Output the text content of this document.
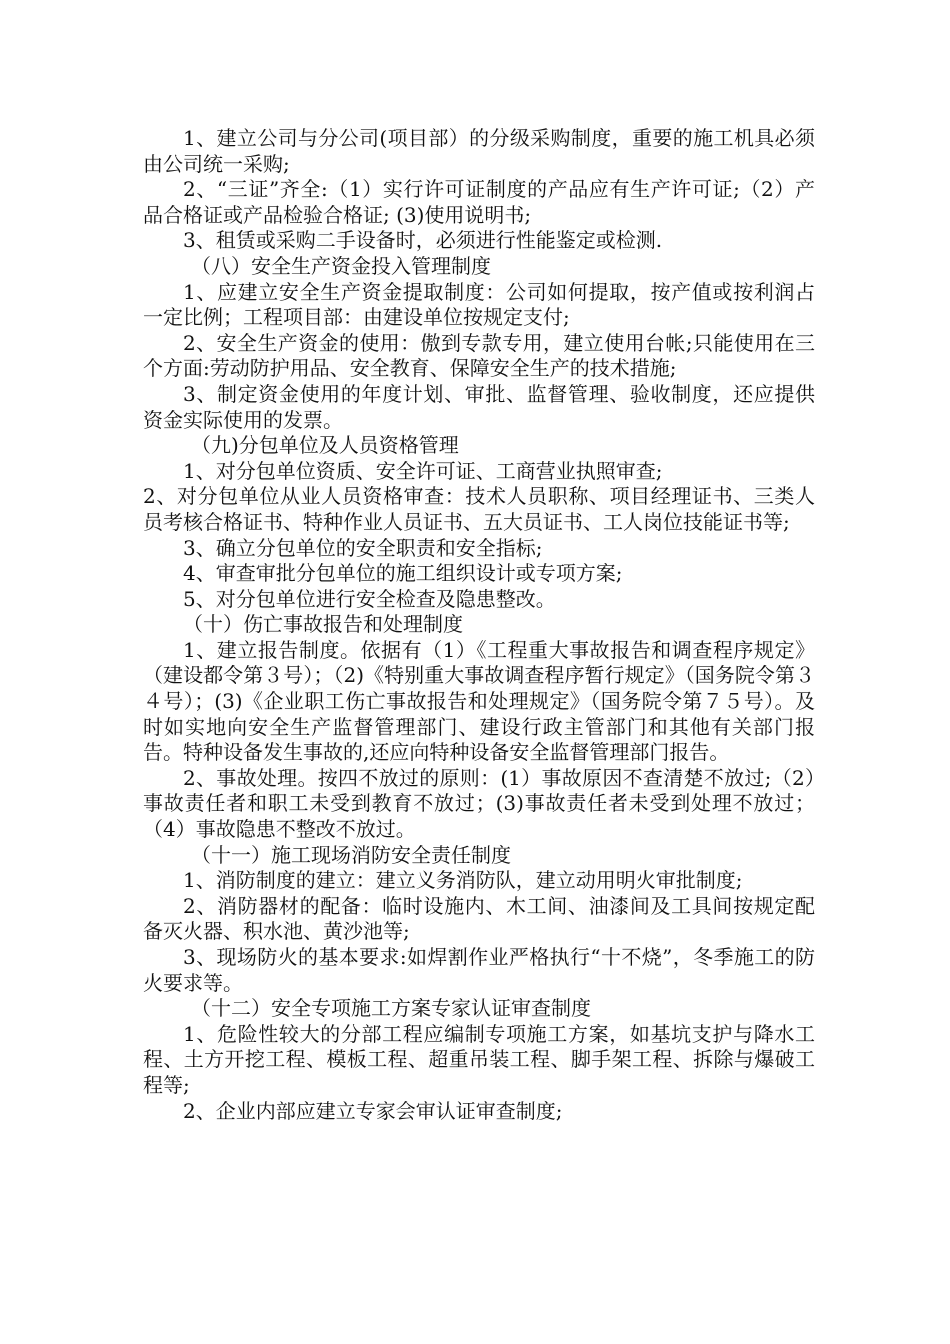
1、建立公司与分公司(项目部）的分级采购制度，重要的施工机具必须由公司统一采购;

2、“三证”齐全:（1）实行许可证制度的产品应有生产许可证;（2）产品合格证或产品检验合格证; (3)使用说明书;

3、租赁或采购二手设备时，必须进行性能鉴定或检测.

（八）安全生产资金投入管理制度

1、应建立安全生产资金提取制度：公司如何提取，按产值或按利润占一定比例；工程项目部：由建设单位按规定支付;

2、安全生产资金的使用：傲到专款专用，建立使用台帐;只能使用在三个方面:劳动防护用品、安全教育、保障安全生产的技术措施;

3、制定资金使用的年度计划、审批、监督管理、验收制度，还应提供资金实际使用的发票。

（九)分包单位及人员资格管理

1、对分包单位资质、安全许可证、工商营业执照审查;

2、对分包单位从业人员资格审查：技术人员职称、项目经理证书、三类人员考核合格证书、特种作业人员证书、五大员证书、工人岗位技能证书等;

3、确立分包单位的安全职责和安全指标;

4、审查审批分包单位的施工组织设计或专项方案;

5、对分包单位进行安全检查及隐患整改。

（十）伤亡事故报告和处理制度

1、建立报告制度。依据有（1）《工程重大事故报告和调查程序规定》（建设都令第３号）；（2)《特别重大事故调查程序暂行规定》（国务院令第３４号）；(3)《企业职工伤亡事故报告和处理规定》（国务院令第７５号）。及时如实地向安全生产监督管理部门、建设行政主管部门和其他有关部门报告。特种设备发生事故的,还应向特种设备安全监督管理部门报告。

2、事故处理。按四不放过的原则：(1）事故原因不查清楚不放过;（2）事故责任者和职工未受到教育不放过；(3)事故责任者未受到处理不放过；（4）事故隐患不整改不放过。

（十一）施工现场消防安全责任制度

1、消防制度的建立：建立义务消防队，建立动用明火审批制度;

2、消防器材的配备：临时设施内、木工间、油漆间及工具间按规定配备灭火器、积水池、黄沙池等;

3、现场防火的基本要求:如焊割作业严格执行“十不烧”，冬季施工的防火要求等。

（十二）安全专项施工方案专家认证审查制度

1、危险性较大的分部工程应编制专项施工方案，如基坑支护与降水工程、土方开挖工程、模板工程、超重吊装工程、脚手架工程、拆除与爆破工程等;

2、企业内部应建立专家会审认证审查制度;
